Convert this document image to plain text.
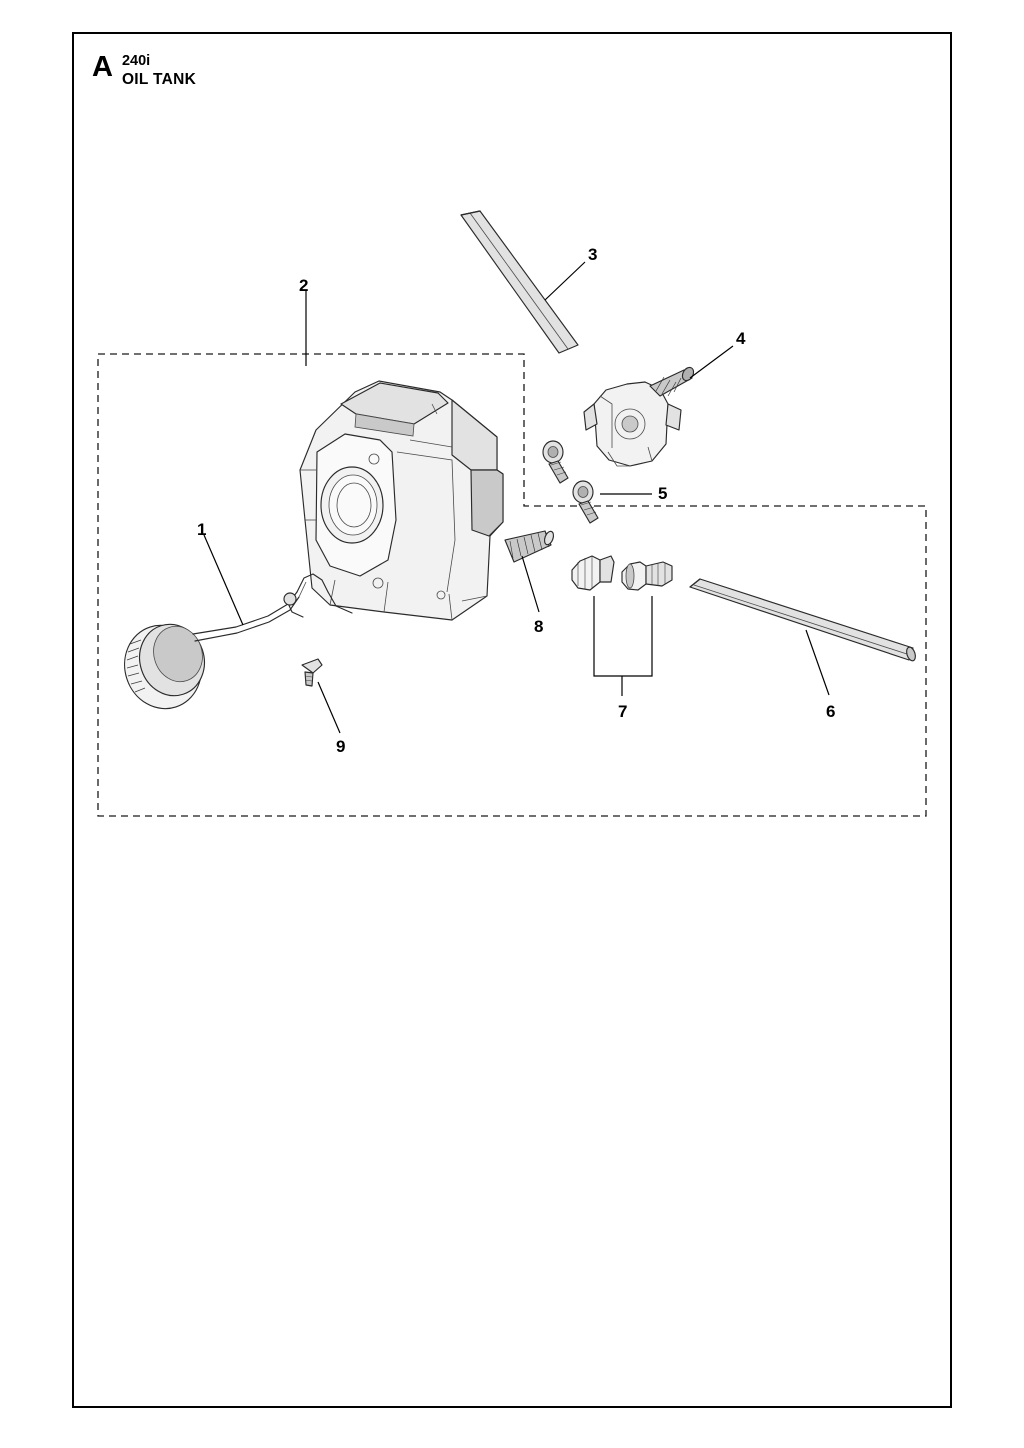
A 240i
OIL TANK
1
2
3
4
5
6
7
8
9
